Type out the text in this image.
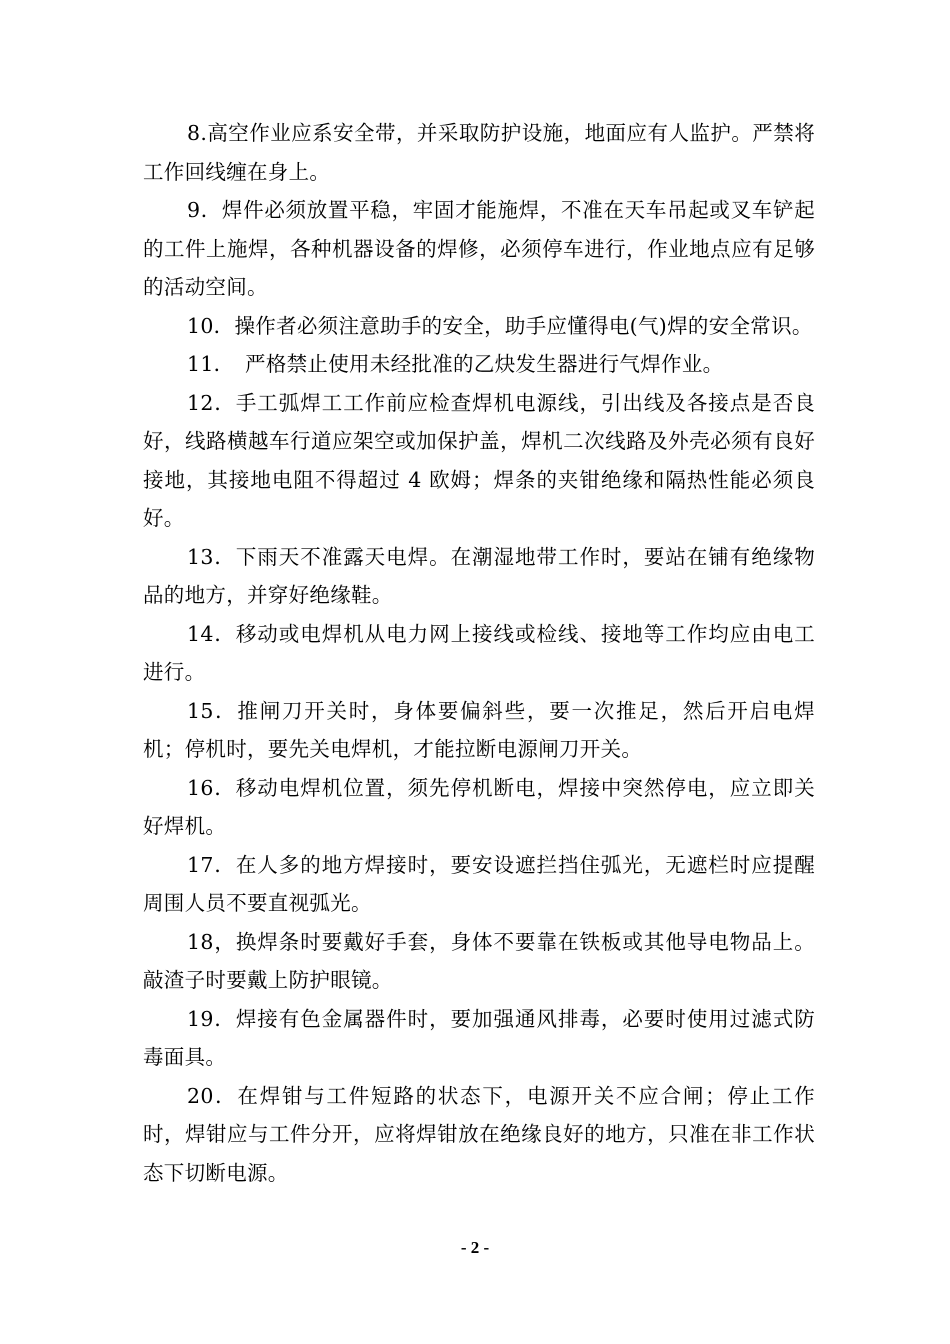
8.高空作业应系安全带，并采取防护设施，地面应有人监护。严禁将工作回线缠在身上。

9．焊件必须放置平稳，牢固才能施焊，不准在天车吊起或叉车铲起的工件上施焊，各种机器设备的焊修，必须停车进行，作业地点应有足够的活动空间。

10．操作者必须注意助手的安全，助手应懂得电(气)焊的安全常识。

11．　严格禁止使用未经批准的乙炔发生器进行气焊作业。

12．手工弧焊工工作前应检查焊机电源线，引出线及各接点是否良好，线路横越车行道应架空或加保护盖，焊机二次线路及外壳必须有良好接地，其接地电阻不得超过 4 欧姆；焊条的夹钳绝缘和隔热性能必须良好。

13．下雨天不准露天电焊。在潮湿地带工作时，要站在铺有绝缘物品的地方，并穿好绝缘鞋。

14．移动或电焊机从电力网上接线或检线、接地等工作均应由电工进行。

15．推闸刀开关时，身体要偏斜些，要一次推足，然后开启电焊机；停机时，要先关电焊机，才能拉断电源闸刀开关。

16．移动电焊机位置，须先停机断电，焊接中突然停电，应立即关好焊机。

17．在人多的地方焊接时，要安设遮拦挡住弧光，无遮栏时应提醒周围人员不要直视弧光。

18，换焊条时要戴好手套，身体不要靠在铁板或其他导电物品上。敲渣子时要戴上防护眼镜。

19．焊接有色金属器件时，要加强通风排毒，必要时使用过滤式防毒面具。

20．在焊钳与工件短路的状态下，电源开关不应合闸；停止工作时，焊钳应与工件分开，应将焊钳放在绝缘良好的地方，只准在非工作状态下切断电源。

- 2 -
